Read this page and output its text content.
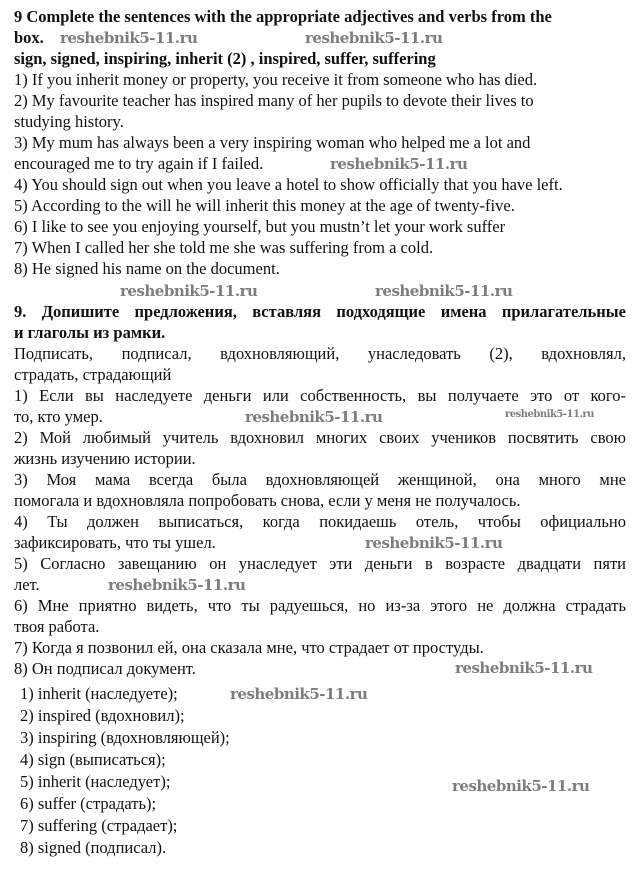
9 Complete the sentences with the appropriate adjectives and verbs from the
box.
sign, signed, inspiring, inherit (2) , inspired, suffer, suffering
1) If you inherit money or property, you receive it from someone who has died.
2) My favourite teacher has inspired many of her pupils to devote their lives to
studying history.
3) My mum has always been a very inspiring woman who helped me a lot and
encouraged me to try again if I failed.
4) You should sign out when you leave a hotel to show officially that you have left.
5) According to the will he will inherit this money at the age of twenty-five.
6) I like to see you enjoying yourself, but you mustn’t let your work suffer
7) When I called her she told me she was suffering from a cold.
8) He signed his name on the document.
9. Допишите предложения, вставляя подходящие имена прилагательные
и глаголы из рамки.
Подписать, подписал, вдохновляющий, унаследовать (2), вдохновлял,
страдать, страдающий
1) Если вы наследуете деньги или собственность, вы получаете это от кого-
то, кто умер.
2) Мой любимый учитель вдохновил многих своих учеников посвятить свою
жизнь изучению истории.
3) Моя мама всегда была вдохновляющей женщиной, она много мне
помогала и вдохновляла попробовать снова, если у меня не получалось.
4) Ты должен выписаться, когда покидаешь отель, чтобы официально
зафиксировать, что ты ушел.
5) Согласно завещанию он унаследует эти деньги в возрасте двадцати пяти
лет.
6) Мне приятно видеть, что ты радуешься, но из-за этого не должна страдать
твоя работа.
7) Когда я позвонил ей, она сказала мне, что страдает от простуды.
8) Он подписал документ.
1) inherit (наследуете);
2) inspired (вдохновил);
3) inspiring (вдохновляющей);
4) sign (выписаться);
5) inherit (наследует);
6) suffer (страдать);
7) suffering (страдает);
8) signed (подписал).
reshebnik5-11.ru	reshebnik5-11.ru
reshebnik5-11.ru
reshebnik5-11.ru	reshebnik5-11.ru
reshebnik5-11.ru
reshebnik5-11.ru
reshebnik5-11.ru
reshebnik5-11.ru
reshebnik5-11.ru
reshebnik5-11.ru
reshebnik5-11.ru
